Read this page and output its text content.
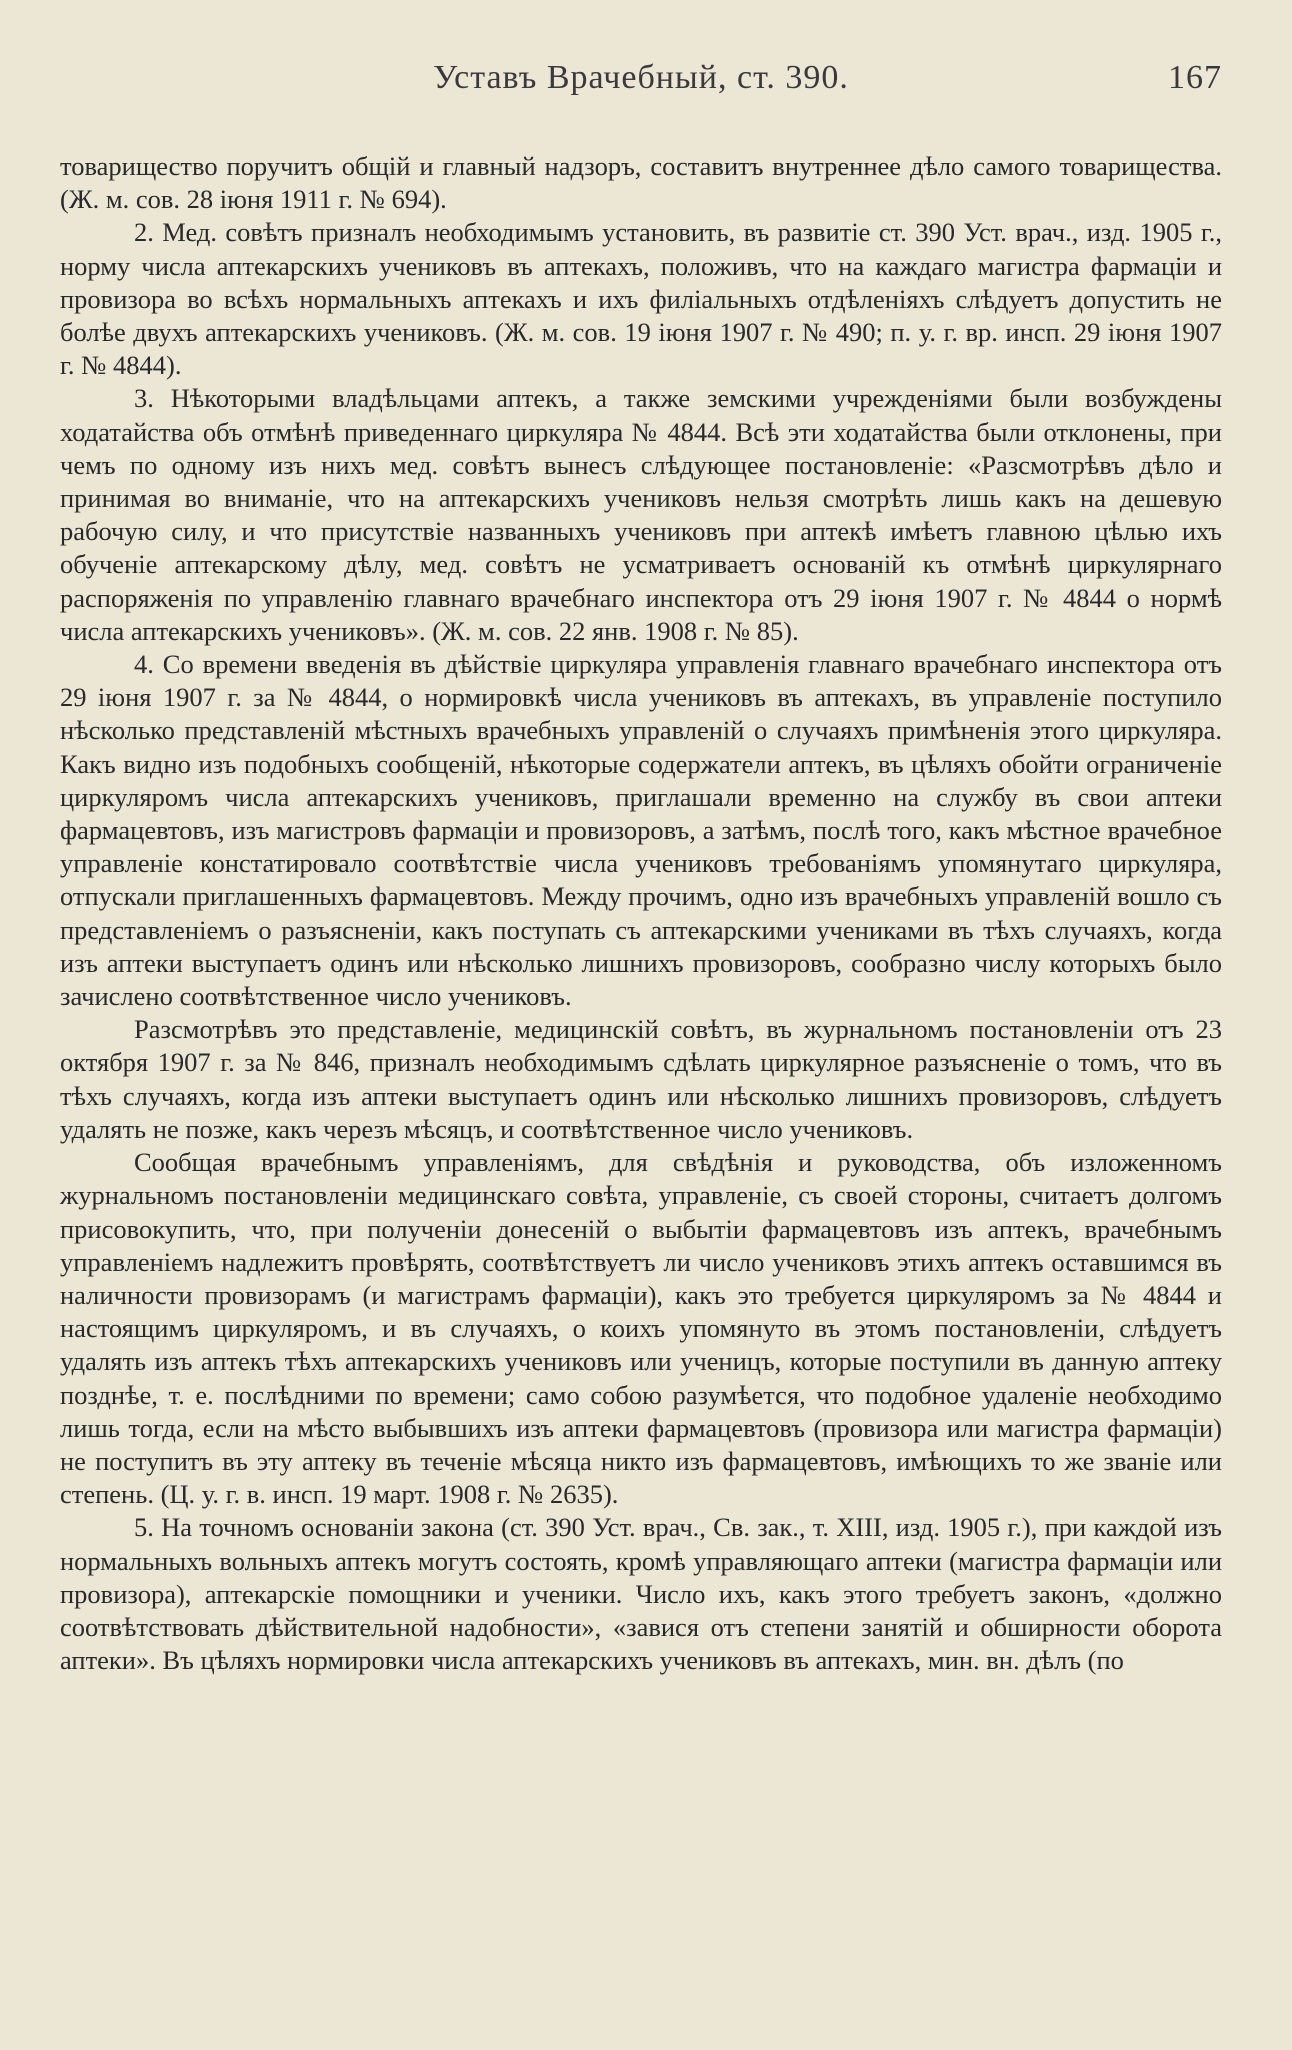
Уставъ Врачебный, ст. 390.	167

товарищество поручитъ общій и главный надзоръ, составитъ внутреннее дѣло самого товарищества. (Ж. м. сов. 28 іюня 1911 г. № 694).

2. Мед. совѣтъ призналъ необходимымъ установить, въ развитіе ст. 390 Уст. врач., изд. 1905 г., норму числа аптекарскихъ учениковъ въ аптекахъ, положивъ, что на каждаго магистра фармаціи и провизора во всѣхъ нормальныхъ аптекахъ и ихъ филіальныхъ отдѣленіяхъ слѣдуетъ допустить не болѣе двухъ аптекарскихъ учениковъ. (Ж. м. сов. 19 іюня 1907 г. № 490; п. у. г. вр. инсп. 29 іюня 1907 г. № 4844).

3. Нѣкоторыми владѣльцами аптекъ, а также земскими учрежденіями были возбуждены ходатайства объ отмѣнѣ приведеннаго циркуляра № 4844. Всѣ эти ходатайства были отклонены, при чемъ по одному изъ нихъ мед. совѣтъ вынесъ слѣдующее постановленіе: «Разсмотрѣвъ дѣло и принимая во вниманіе, что на аптекарскихъ учениковъ нельзя смотрѣть лишь какъ на дешевую рабочую силу, и что присутствіе названныхъ учениковъ при аптекѣ имѣетъ главною цѣлью ихъ обученіе аптекарскому дѣлу, мед. совѣтъ не усматриваетъ основаній къ отмѣнѣ циркулярнаго распоряженія по управленію главнаго врачебнаго инспектора отъ 29 іюня 1907 г. № 4844 о нормѣ числа аптекарскихъ учениковъ». (Ж. м. сов. 22 янв. 1908 г. № 85).

4. Со времени введенія въ дѣйствіе циркуляра управленія главнаго врачебнаго инспектора отъ 29 іюня 1907 г. за № 4844, о нормировкѣ числа учениковъ въ аптекахъ, въ управленіе поступило нѣсколько представленій мѣстныхъ врачебныхъ управленій о случаяхъ примѣненія этого циркуляра. Какъ видно изъ подобныхъ сообщеній, нѣкоторые содержатели аптекъ, въ цѣляхъ обойти ограниченіе циркуляромъ числа аптекарскихъ учениковъ, приглашали временно на службу въ свои аптеки фармацевтовъ, изъ магистровъ фармаціи и провизоровъ, а затѣмъ, послѣ того, какъ мѣстное врачебное управленіе констатировало соотвѣтствіе числа учениковъ требованіямъ упомянутаго циркуляра, отпускали приглашенныхъ фармацевтовъ. Между прочимъ, одно изъ врачебныхъ управленій вошло съ представленіемъ о разъясненіи, какъ поступать съ аптекарскими учениками въ тѣхъ случаяхъ, когда изъ аптеки выступаетъ одинъ или нѣсколько лишнихъ провизоровъ, сообразно числу которыхъ было зачислено соотвѣтственное число учениковъ.

Разсмотрѣвъ это представленіе, медицинскій совѣтъ, въ журнальномъ постановленіи отъ 23 октября 1907 г. за № 846, призналъ необходимымъ сдѣлать циркулярное разъясненіе о томъ, что въ тѣхъ случаяхъ, когда изъ аптеки выступаетъ одинъ или нѣсколько лишнихъ провизоровъ, слѣдуетъ удалять не позже, какъ черезъ мѣсяцъ, и соотвѣтственное число учениковъ.

Сообщая врачебнымъ управленіямъ, для свѣдѣнія и руководства, объ изложенномъ журнальномъ постановленіи медицинскаго совѣта, управленіе, съ своей стороны, считаетъ долгомъ присовокупить, что, при полученіи донесеній о выбытіи фармацевтовъ изъ аптекъ, врачебнымъ управленіемъ надлежитъ провѣрять, соотвѣтствуетъ ли число учениковъ этихъ аптекъ оставшимся въ наличности провизорамъ (и магистрамъ фармаціи), какъ это требуется циркуляромъ за № 4844 и настоящимъ циркуляромъ, и въ случаяхъ, о коихъ упомянуто въ этомъ постановленіи, слѣдуетъ удалять изъ аптекъ тѣхъ аптекарскихъ учениковъ или ученицъ, которые поступили въ данную аптеку позднѣе, т. е. послѣдними по времени; само собою разумѣется, что подобное удаленіе необходимо лишь тогда, если на мѣсто выбывшихъ изъ аптеки фармацевтовъ (провизора или магистра фармаціи) не поступитъ въ эту аптеку въ теченіе мѣсяца никто изъ фармацевтовъ, имѣющихъ то же званіе или степень. (Ц. у. г. в. инсп. 19 март. 1908 г. № 2635).

5. На точномъ основаніи закона (ст. 390 Уст. врач., Св. зак., т. XIII, изд. 1905 г.), при каждой изъ нормальныхъ вольныхъ аптекъ могутъ состоять, кромѣ управляющаго аптеки (магистра фармаціи или провизора), аптекарскіе помощники и ученики. Число ихъ, какъ этого требуетъ законъ, «должно соотвѣтствовать дѣйствительной надобности», «завися отъ степени занятій и обширности оборота аптеки». Въ цѣляхъ нормировки числа аптекарскихъ учениковъ въ аптекахъ, мин. вн. дѣлъ (по
